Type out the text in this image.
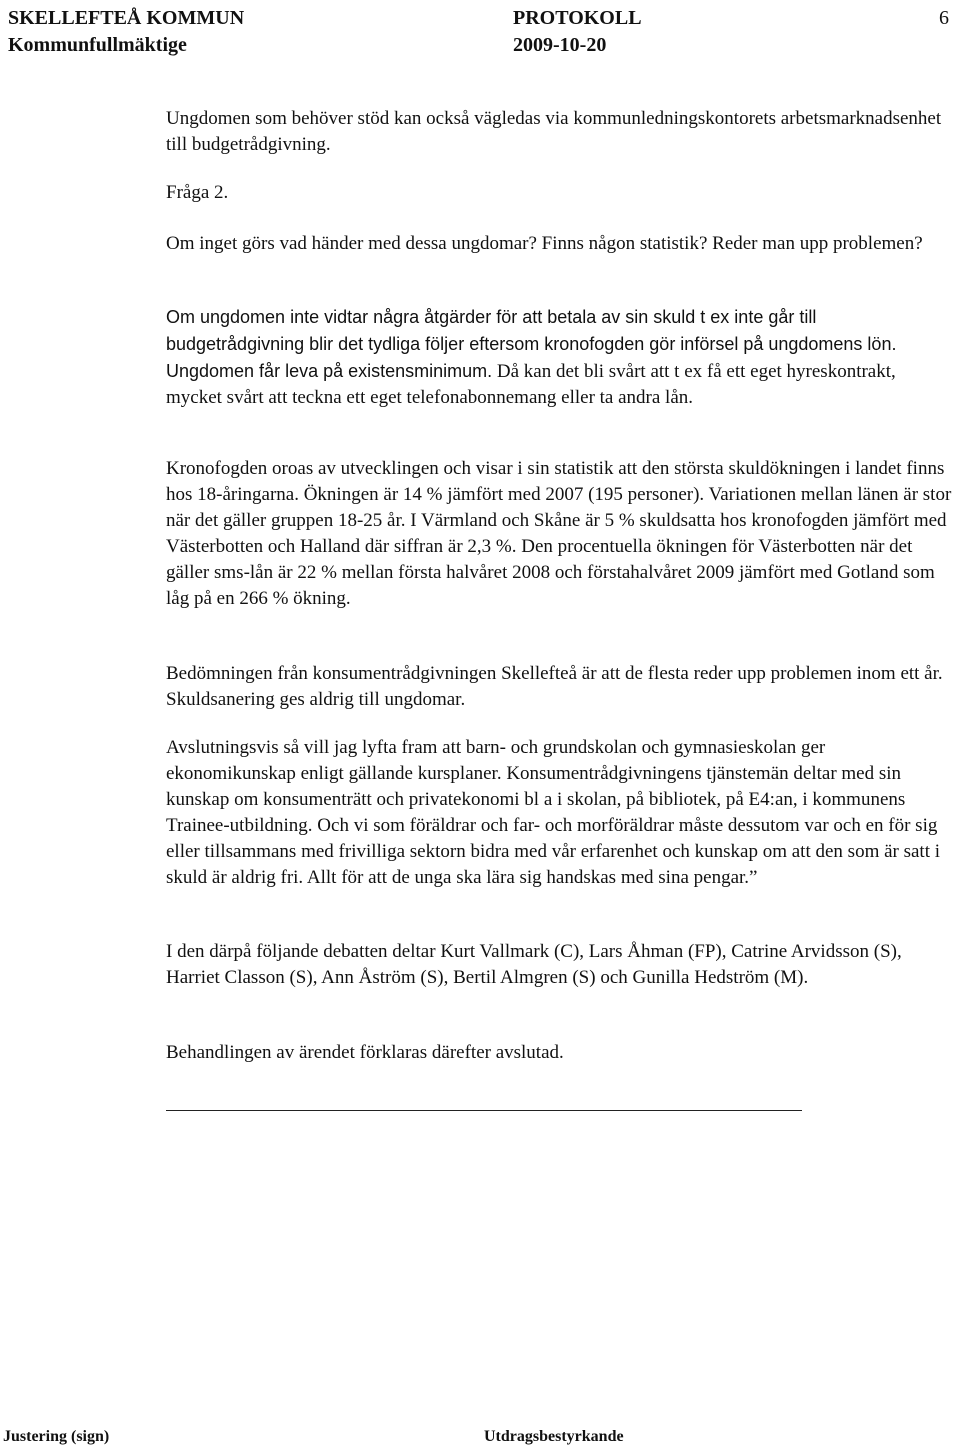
SKELLEFTEÅ KOMMUN	PROTOKOLL	6
Kommunfullmäktige	2009-10-20

Ungdomen som behöver stöd kan också vägledas via kommunledningskontorets arbetsmarknadsenhet till budgetrådgivning.

Fråga 2.

Om inget görs vad händer med dessa ungdomar? Finns någon statistik? Reder man upp problemen?

Om ungdomen inte vidtar några åtgärder för att betala av sin skuld t ex inte går till budgetrådgivning blir det tydliga följer eftersom kronofogden gör införsel på ungdomens lön. Ungdomen får leva på existensminimum. Då kan det bli svårt att t ex få ett eget hyreskontrakt, mycket svårt att teckna ett eget telefonabonnemang eller ta andra lån.

Kronofogden oroas av utvecklingen och visar i sin statistik att den största skuldökningen i landet finns hos 18-åringarna. Ökningen är 14 % jämfört med 2007 (195 personer). Variationen mellan länen är stor när det gäller gruppen 18-25 år. I Värmland och Skåne är 5 % skuldsatta hos kronofogden jämfört med Västerbotten och Halland där siffran är 2,3 %. Den procentuella ökningen för Västerbotten när det gäller sms-lån är 22 % mellan första halvåret 2008 och förstahalvåret 2009 jämfört med Gotland som låg på en 266 % ökning.

Bedömningen från konsumentrådgivningen Skellefteå är att de flesta reder upp problemen inom ett år. Skuldsanering ges aldrig till ungdomar.

Avslutningsvis så vill jag lyfta fram att barn- och grundskolan och gymnasieskolan ger ekonomikunskap enligt gällande kursplaner. Konsumentrådgivningens tjänstemän deltar med sin kunskap om konsumenträtt och privatekonomi bl a i skolan, på bibliotek, på E4:an, i kommunens Trainee-utbildning. Och vi som föräldrar och far- och morföräldrar måste dessutom var och en för sig eller tillsammans med frivilliga sektorn bidra med vår erfarenhet och kunskap om att den som är satt i skuld är aldrig fri. Allt för att de unga ska lära sig handskas med sina pengar.”

I den därpå följande debatten deltar Kurt Vallmark (C), Lars Åhman (FP), Catrine Arvidsson (S), Harriet Classon (S), Ann Åström (S), Bertil Almgren (S) och Gunilla Hedström (M).

Behandlingen av ärendet förklaras därefter avslutad.

Justering (sign)	Utdragsbestyrkande
